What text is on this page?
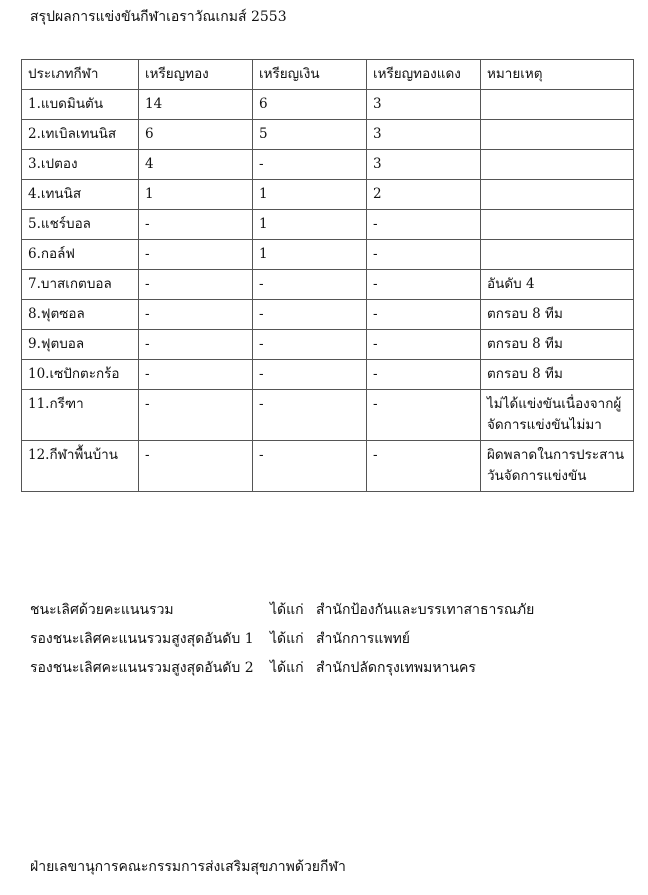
สรุปผลการแข่งขันกีฬาเอราวัณเกมส์ 2553
ประเภทกีฬา	เหรียญทอง	เหรียญเงิน	เหรียญทองแดง	หมายเหตุ
1.แบดมินตัน	14	6	3	
2.เทเบิลเทนนิส	6	5	3	
3.เปตอง	4	-	3	
4.เทนนิส	1	1	2	
5.แชร์บอล	-	1	-	
6.กอล์ฟ	-	1	-	
7.บาสเกตบอล	-	-	-	อันดับ 4
8.ฟุตซอล	-	-	-	ตกรอบ 8 ทีม
9.ฟุตบอล	-	-	-	ตกรอบ 8 ทีม
10.เซปักตะกร้อ	-	-	-	ตกรอบ 8 ทีม
11.กรีฑา	-	-	-	ไม่ได้แข่งขันเนื่องจากผู้จัดการแข่งขันไม่มา
12.กีฬาพื้นบ้าน	-	-	-	ผิดพลาดในการประสานวันจัดการแข่งขัน
ชนะเลิศด้วยคะแนนรวม	ได้แก่ สำนักป้องกันและบรรเทาสาธารณภัย
รองชนะเลิศคะแนนรวมสูงสุดอันดับ 1	ได้แก่ สำนักการแพทย์
รองชนะเลิศคะแนนรวมสูงสุดอันดับ 2	ได้แก่ สำนักปลัดกรุงเทพมหานคร
ฝ่ายเลขานุการคณะกรรมการส่งเสริมสุขภาพด้วยกีฬา
